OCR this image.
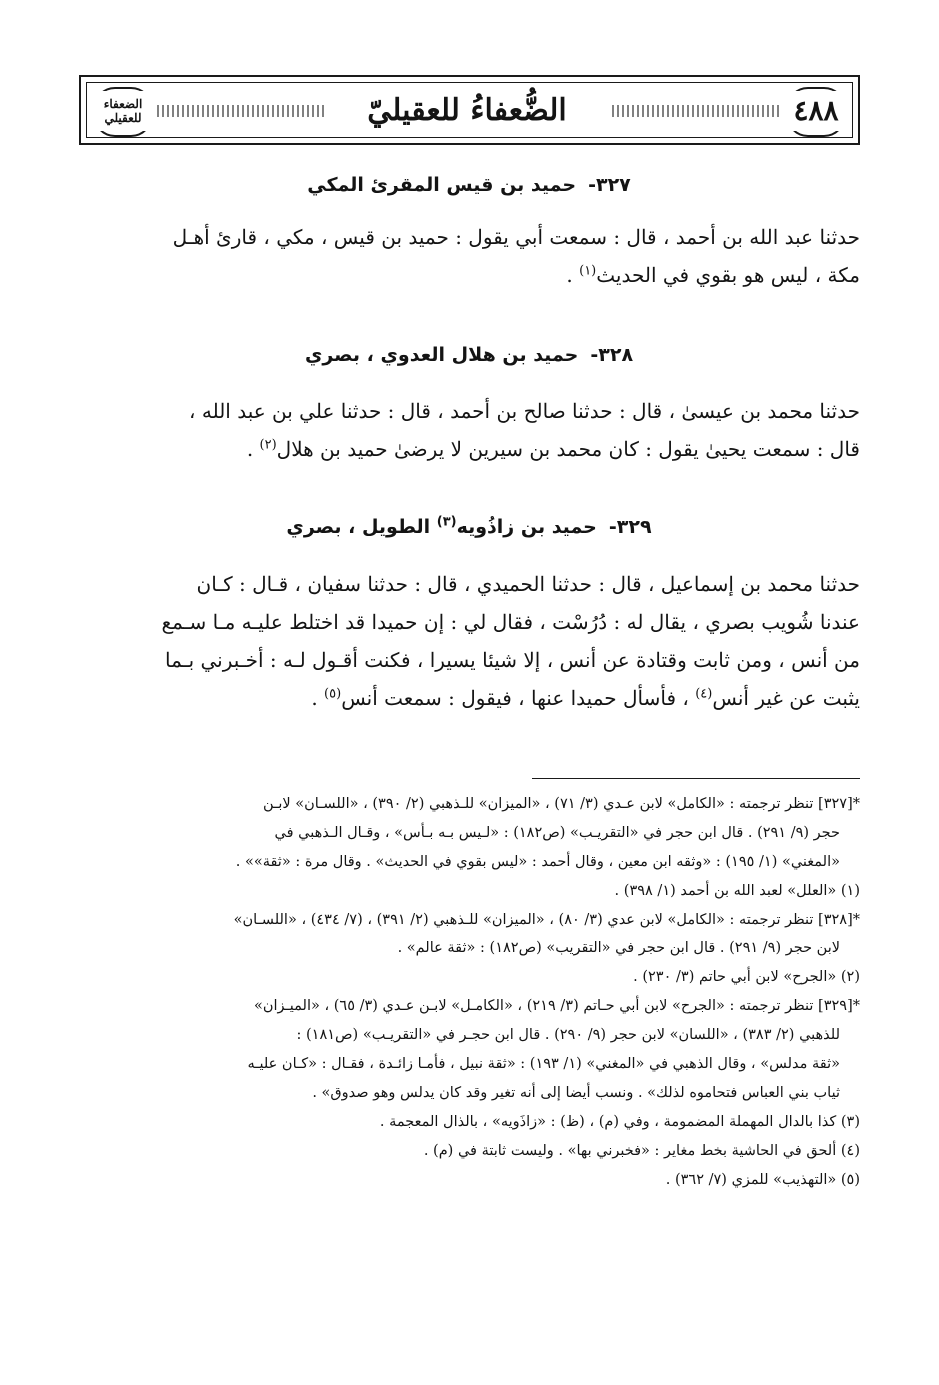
الضعفاء للعقيلي	الضُّعفاءُ للعقيليّ	٤٨٨
٣٢٧-حميد بن قيس المقرئ المكي
حدثنا عبد الله بن أحمد ، قال : سمعت أبي يقول : حميد بن قيس ، مكي ، قارئ أهـل
مكة ، ليس هو بقوي في الحديث$^{(١)}$ .
٣٢٨-حميد بن هلال العدوي ، بصري
حدثنا محمد بن عيسىٰ ، قال : حدثنا صالح بن أحمد ، قال : حدثنا علي بن عبد الله ،
قال : سمعت يحيىٰ يقول : كان محمد بن سيرين لا يرضىٰ حميد بن هلال$^{(٢)}$ .
٣٢٩-حميد بن زاذُويه$^{(٣)}$ الطويل ، بصري
حدثنا محمد بن إسماعيل ، قال : حدثنا الحميدي ، قال : حدثنا سفيان ، قـال : كـان
عندنا شُويب بصري ، يقال له : دُرُسْت ، فقال لي : إن حميدا قد اختلط عليـه مـا سـمع
من أنس ، ومن ثابت وقتادة عن أنس ، إلا شيئا يسيرا ، فكنت أقـول لـه : أخـبرني بـما
يثبت عن غير أنس$^{(٤)}$ ، فأسأل حميدا عنها ، فيقول : سمعت أنس$^{(٥)}$ .
*[٣٢٧] تنظر ترجمته : «الكامل» لابن عـدي (٣/ ٧١) ، «الميزان» للـذهبي (٢/ ٣٩٠) ، «اللسـان» لابـن
حجر (٩/ ٢٩١) . قال ابن حجر في «التقريـب» (ص١٨٢) : «لـيس بـه بـأس» ، وقـال الـذهبي في
«المغني» (١/ ١٩٥) : «وثقه ابن معين ، وقال أحمد : «ليس بقوي في الحديث» . وقال مرة : «ثقة»» .
(١) «العلل» لعبد الله بن أحمد (١/ ٣٩٨) .
*[٣٢٨] تنظر ترجمته : «الكامل» لابن عدي (٣/ ٨٠) ، «الميزان» للـذهبي (٢/ ٣٩١) ، (٧/ ٤٣٤) ، «اللسـان»
لابن حجر (٩/ ٢٩١) . قال ابن حجر في «التقريب» (ص١٨٢) : «ثقة عالم» .
(٢) «الجرح» لابن أبي حاتم (٣/ ٢٣٠) .
*[٣٢٩] تنظر ترجمته : «الجرح» لابن أبي حـاتم (٣/ ٢١٩) ، «الكامـل» لابـن عـدي (٣/ ٦٥) ، «الميـزان»
للذهبي (٢/ ٣٨٣) ، «اللسان» لابن حجر (٩/ ٢٩٠) . قال ابن حجـر في «التقريـب» (ص١٨١) :
«ثقة مدلس» ، وقال الذهبي في «المغني» (١/ ١٩٣) : «ثقة نبيل ، فأمـا زائـدة ، فقـال : «كـان عليـه
ثياب بني العباس فتحاموه لذلك» . ونسب أيضا إلى أنه تغير وقد كان يدلس وهو صدوق» .
(٣) كذا بالدال المهملة المضمومة ، وفي (م) ، (ظ) : «زاذَويه» ، بالذال المعجمة .
(٤) ألحق في الحاشية بخط مغاير : «فخبرني بها» . وليست ثابتة في (م) .
(٥) «التهذيب» للمزي (٧/ ٣٦٢) .
